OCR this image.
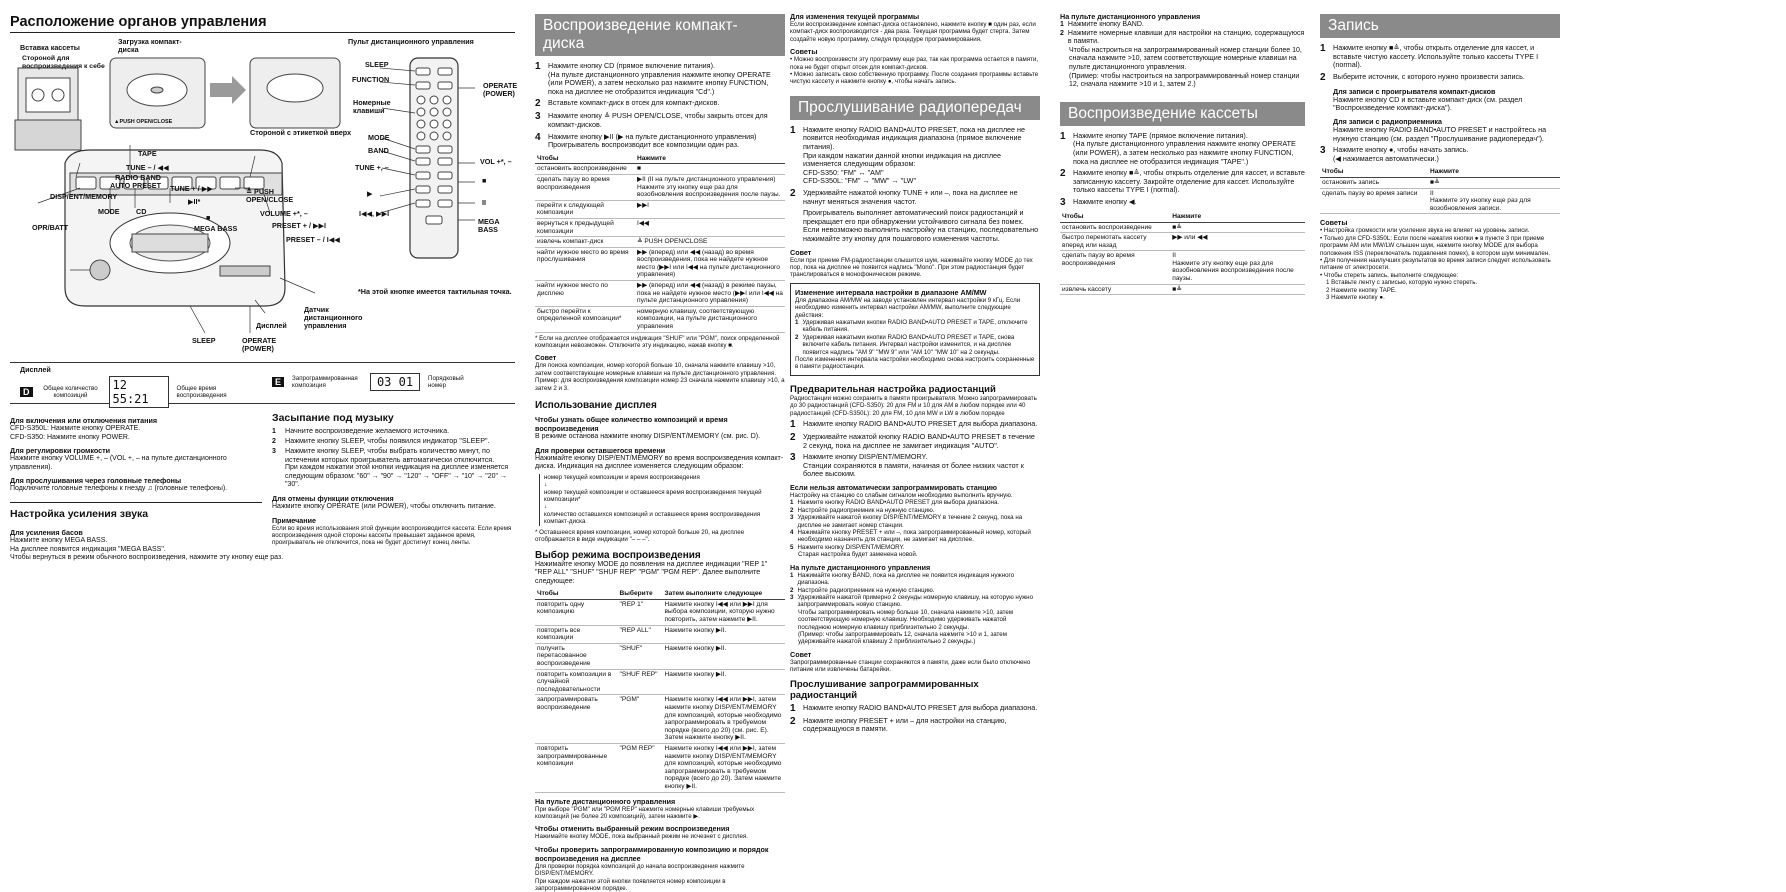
Расположение органов управления
Вставка кассеты
Стороной для воспроизведения к себе
Загрузка компакт-диска
▲PUSH OPEN/CLOSE
Стороной с этикеткой вверх
TAPE
TUNE – / ◀◀
RADIO BAND
AUTO PRESET TUNE + / ▶▶
▶II*
DISP/ENT/MEMORY
MODE CD
■
≜ PUSH
OPEN/CLOSE
VOLUME +*, –
PRESET + / ▶▶I
PRESET – / I◀◀
OPR/BATT	MEGA BASS
Датчик
дистанционного
управления
Дисплей
SLEEP	OPERATE
(POWER)
Пульт дистанционного управления
SLEEP
FUNCTION
Номерные
клавиши
MODE
BAND
TUNE +, –
OPERATE
(POWER)
VOL +*, –
■
▶
II
I◀◀, ▶▶I
MEGA BASS
*На этой кнопке имеется тактильная точка.
Дисплей
D	Общее количество композиций
12 55:21
Общее время воспроизведения
E	Запрограммированная композиция	03 01	Порядковый номер
Для включения или отключения питания
CFD-S350L: Нажмите кнопку OPERATE.
CFD-S350: Нажмите кнопку POWER.
Для регулировки громкости
Нажмите кнопку VOLUME +, – (VOL +, – на пульте дистанционного управления).
Для прослушивания через головные телефоны
Подключите головные телефоны к гнезду ♫ (головные телефоны).
Настройка усиления звука
Для усиления басов
Нажмите кнопку MEGA BASS.
На дисплее появится индикация "MEGA BASS".
Чтобы вернуться в режим обычного воспроизведения, нажмите эту кнопку еще раз.
Засыпание под музыку
1	Начните воспроизведение желаемого источника.
2	Нажмите кнопку SLEEP, чтобы появился индикатор "SLEEP".
3	Нажмите кнопку SLEEP, чтобы выбрать количество минут, по истечении которых проигрыватель автоматически отключится.
При каждом нажатии этой кнопки индикация на дисплее изменяется следующим образом: "60" → "90" → "120" → "OFF" → "10" → "20" → "30".
Для отмены функции отключения
Нажмите кнопку OPERATE (или POWER), чтобы отключить питание.
Примечание
Если во время использования этой функции воспроизводится кассета: Если время воспроизведения одной стороны кассеты превышает заданное время, проигрыватель не отключится, пока не будет достигнут конец ленты.
Воспроизведение компакт-диска
1 Нажмите кнопку CD (прямое включение питания).
(На пульте дистанционного управления нажмите кнопку OPERATE (или POWER), а затем несколько раз нажмите кнопку FUNCTION, пока на дисплее не отобразится индикация "Cd".)
2 Вставьте компакт-диск в отсек для компакт-дисков.
3 Нажмите кнопку ≜ PUSH OPEN/CLOSE, чтобы закрыть отсек для компакт-дисков.
4 Нажмите кнопку ▶II (▶ на пульте дистанционного управления)
Проигрыватель воспроизводит все композиции один раз.
Чтобы	Нажмите
остановить воспроизведение	■
сделать паузу во время воспроизведения	▶II (II на пульте дистанционного управления) Нажмите эту кнопку еще раз для возобновления воспроизведения после паузы.
перейти к следующей композиции	▶▶I
вернуться к предыдущей композиции	I◀◀
извлечь компакт-диск	≜ PUSH OPEN/CLOSE
найти нужное место во время прослушивания	▶▶ (вперед) или ◀◀ (назад) во время воспроизведения, пока не найдете нужное место (▶▶I или I◀◀ на пульте дистанционного управления)
найти нужное место по дисплею	▶▶ (вперед) или ◀◀ (назад) в режиме паузы, пока не найдете нужное место (▶▶I или I◀◀ на пульте дистанционного управления)
быстро перейти к определенной композиции*	номерную клавишу, соответствующую композиции, на пульте дистанционного управления
* Если на дисплее отображается индикация "SHUF" или "PGM", поиск определенной композиции невозможен. Отключите эту индикацию, нажав кнопку ■.
Совет
Для поиска композиции, номер которой больше 10, сначала нажмите клавишу >10, затем соответствующие номерные клавиши на пульте дистанционного управления. Пример: для воспроизведения композиции номер 23 сначала нажмите клавишу >10, а затем 2 и 3.
Использование дисплея
Чтобы узнать общее количество композиций и время воспроизведения
В режиме останова нажмите кнопку DISP/ENT/MEMORY (см. рис. D).
Для проверки оставшегося времени
Нажимайте кнопку DISP/ENT/MEMORY во время воспроизведения компакт-диска. Индикация на дисплее изменяется следующим образом:
номер текущей композиции и время воспроизведения
↓
номер текущей композиции и оставшееся время воспроизведения текущей композиции*
↓
количество оставшихся композиций и оставшееся время воспроизведения компакт-диска
* Оставшееся время композиции, номер которой больше 20, на дисплее отображается в виде индикации "– – –".
Выбор режима воспроизведения
Нажимайте кнопку MODE до появления на дисплее индикации "REP 1" "REP ALL" "SHUF" "SHUF REP" "PGM" "PGM REP". Далее выполните следующее:
Чтобы	Выберите	Затем выполните следующее
повторить одну композицию	"REP 1"	Нажмите кнопку I◀◀ или ▶▶I для выбора композиции, которую нужно повторить, затем нажмите ▶II.
повторить все композиции	"REP ALL"	Нажмите кнопку ▶II.
получить перетасованное воспроизведение	"SHUF"	Нажмите кнопку ▶II.
повторить композиции в случайной последовательности	"SHUF REP"	Нажмите кнопку ▶II.
запрограммировать воспроизведение	"PGM"	Нажмите кнопку I◀◀ или ▶▶I, затем нажмите кнопку DISP/ENT/MEMORY для композиций, которые необходимо запрограммировать в требуемом порядке (всего до 20) (см. рис. E). Затем нажмите кнопку ▶II.
повторить запрограммированные композиции	"PGM REP"	Нажмите кнопку I◀◀ или ▶▶I, затем нажмите кнопку DISP/ENT/MEMORY для композиций, которые необходимо запрограммировать в требуемом порядке (всего до 20). Затем нажмите кнопку ▶II.
На пульте дистанционного управления
При выборе "PGM" или "PGM REP" нажмите номерные клавиши требуемых композиций (не более 20 композиций), затем нажмите ▶.
Чтобы отменить выбранный режим воспроизведения
Нажимайте кнопку MODE, пока выбранный режим не исчезнет с дисплея.
Чтобы проверить запрограммированную композицию и порядок воспроизведения на дисплее
Для проверки порядка композиций до начала воспроизведения нажмите DISP/ENT/MEMORY.
При каждом нажатии этой кнопки появляется номер композиции в запрограммированном порядке.
Для изменения текущей программы
Если воспроизведение компакт-диска остановлено, нажмите кнопку ■ один раз, если компакт-диск воспроизводится - два раза. Текущая программа будет стерта. Затем создайте новую программу, следуя процедуре программирования.
Советы
• Можно воспроизвести эту программу еще раз, так как программа остается в памяти, пока не будет открыт отсек для компакт-дисков.
• Можно записать свою собственную программу. После создания программы вставьте чистую кассету и нажмите кнопку ●, чтобы начать запись.
Прослушивание радиопередач
1 Нажмите кнопку RADIO BAND•AUTO PRESET, пока на дисплее не появится необходимая индикация диапазона (прямое включение питания).
При каждом нажатии данной кнопки индикация на дисплее изменяется следующим образом:
CFD-S350: "FM" ↔ "AM"
CFD-S350L: "FM" → "MW" → "LW"
2 Удерживайте нажатой кнопку TUNE + или –, пока на дисплее не начнут меняться значения частот.
Проигрыватель выполняет автоматический поиск радиостанций и прекращает его при обнаружении устойчивого сигнала без помех.
Если невозможно выполнить настройку на станцию, последовательно нажимайте эту кнопку для пошагового изменения частоты.
Совет
Если при приеме FM-радиостанции слышится шум, нажимайте кнопку MODE до тех пор, пока на дисплее не появится надпись "Mono". При этом радиостанция будет транслироваться в монофоническом режиме.
Изменение интервала настройки в диапазоне AM/MW
Для диапазона AM/MW на заводе установлен интервал настройки 9 кГц. Если необходимо изменить интервал настройки AM/MW, выполните следующие действия:
1 Удерживая нажатыми кнопки RADIO BAND•AUTO PRESET и TAPE, отключите кабель питания.
2 Удерживая нажатыми кнопки RADIO BAND•AUTO PRESET и TAPE, снова включите кабель питания. Интервал настройки изменится, и на дисплее появится надпись "AM 9" "MW 9" или "AM 10" "MW 10" на 2 секунды.
После изменения интервала настройки необходимо снова настроить сохраненные в памяти радиостанции.
Предварительная настройка радиостанций
Радиостанции можно сохранить в памяти проигрывателя. Можно запрограммировать до 30 радиостанций (CFD-S350): 20 для FM и 10 для AM в любом порядке или 40 радиостанций (CFD-S350L): 20 для FM, 10 для MW и LW в любом порядке
1 Нажмите кнопку RADIO BAND•AUTO PRESET для выбора диапазона.
2 Удерживайте нажатой кнопку RADIO BAND•AUTO PRESET в течение 2 секунд, пока на дисплее не замигает индикация "AUTO".
3 Нажмите кнопку DISP/ENT/MEMORY.
Станции сохраняются в памяти, начиная от более низких частот к более высоким.
Если нельзя автоматически запрограммировать станцию
Настройку на станцию со слабым сигналом необходимо выполнить вручную.
1 Нажмите кнопку RADIO BAND•AUTO PRESET для выбора диапазона.
2 Настройте радиоприемник на нужную станцию.
3 Удерживайте нажатой кнопку DISP/ENT/MEMORY в течение 2 секунд, пока на дисплее не замигает номер станции.
4 Нажимайте кнопку PRESET + или –, пока запрограммированный номер, который необходимо назначить для станции, не замигает на дисплее.
5 Нажмите кнопку DISP/ENT/MEMORY.
Старая настройка будет заменена новой.
На пульте дистанционного управления
1 Нажимайте кнопку BAND, пока на дисплее не появится индикация нужного диапазона.
2 Настройте радиоприемник на нужную станцию.
3 Удерживайте нажатой примерно 2 секунды номерную клавишу, на которую нужно запрограммировать новую станцию.
Чтобы запрограммировать номер больше 10, сначала нажмите >10, затем соответствующую номерную клавишу. Необходимо удерживать нажатой последнюю номерную клавишу приблизительно 2 секунды.
(Пример: чтобы запрограммировать 12, сначала нажмите >10 и 1, затем удерживайте нажатой клавишу 2 приблизительно 2 секунды.)
Совет
Запрограммированные станции сохраняются в памяти, даже если было отключено питание или извлечены батарейки.
Прослушивание запрограммированных радиостанций
1 Нажмите кнопку RADIO BAND•AUTO PRESET для выбора диапазона.
2 Нажмите кнопку PRESET + или – для настройки на станцию, содержащуюся в памяти.
На пульте дистанционного управления
1 Нажмите кнопку BAND.
2 Нажмите номерные клавиши для настройки на станцию, содержащуюся в памяти.
Чтобы настроиться на запрограммированный номер станции более 10, сначала нажмите >10, затем соответствующие номерные клавиши на пульте дистанционного управления.
(Пример: чтобы настроиться на запрограммированный номер станции 12, сначала нажмите >10 и 1, затем 2.)
Воспроизведение кассеты
1 Нажмите кнопку TAPE (прямое включение питания).
(На пульте дистанционного управления нажмите кнопку OPERATE (или POWER), а затем несколько раз нажмите кнопку FUNCTION, пока на дисплее не отобразится индикация "TAPE".)
2 Нажмите кнопку ■≜, чтобы открыть отделение для кассет, и вставьте записанную кассету. Закройте отделение для кассет. Используйте только кассеты TYPE I (normal).
3 Нажмите кнопку ◀.
Чтобы	Нажмите
остановить воспроизведение	■≜
быстро перемотать кассету вперед или назад	▶▶ или ◀◀
сделать паузу во время воспроизведения	II
Нажмите эту кнопку еще раз для возобновления воспроизведения после паузы.
извлечь кассету	■≜
Запись
1 Нажмите кнопку ■≜, чтобы открыть отделение для кассет, и вставьте чистую кассету. Используйте только кассеты TYPE I (normal).
2 Выберите источник, с которого нужно произвести запись.
Для записи с проигрывателя компакт-дисков
Нажмите кнопку CD и вставьте компакт-диск (см. раздел "Воспроизведение компакт-диска").
Для записи с радиоприемника
Нажмите кнопку RADIO BAND•AUTO PRESET и настройтесь на нужную станцию (см. раздел "Прослушивание радиопередач").
3 Нажмите кнопку ●, чтобы начать запись.
(◀ нажимается автоматически.)
Чтобы	Нажмите
остановить запись	■≜
сделать паузу во время записи	II
Нажмите эту кнопку еще раз для возобновления записи.
Советы
• Настройка громкости или усиления звука не влияет на уровень записи.
• Только для CFD-S350L: Если после нажатия кнопки ● в пункте 3 при приеме программ AM или MW/LW слышен шум, нажмите кнопку MODE для выбора положения ISS (переключатель подавления помех), в котором шум минимален.
• Для получения наилучших результатов во время записи следует использовать питание от электросети.
• Чтобы стереть запись, выполните следующее:
1 Вставьте ленту с записью, которую нужно стереть.
2 Нажмите кнопку TAPE.
3 Нажмите кнопку ●.
